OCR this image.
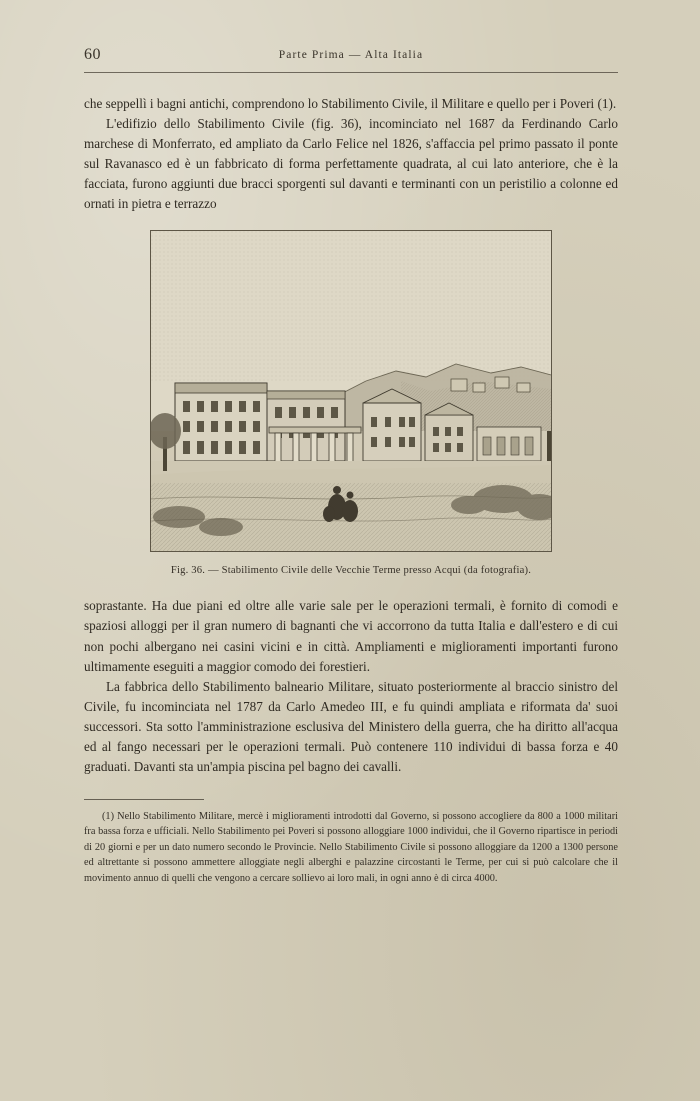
60	Parte Prima — Alta Italia

che seppellì i bagni antichi, comprendono lo Stabilimento Civile, il Militare e quello per i Poveri (1).

L'edifizio dello Stabilimento Civile (fig. 36), incominciato nel 1687 da Ferdinando Carlo marchese di Monferrato, ed ampliato da Carlo Felice nel 1826, s'affaccia pel primo passato il ponte sul Ravanasco ed è un fabbricato di forma perfettamente quadrata, al cui lato anteriore, che è la facciata, furono aggiunti due bracci sporgenti sul davanti e terminanti con un peristilio a colonne ed ornati in pietra e terrazzo

Fig. 36. — Stabilimento Civile delle Vecchie Terme presso Acqui (da fotografia).

soprastante. Ha due piani ed oltre alle varie sale per le operazioni termali, è fornito di comodi e spaziosi alloggi per il gran numero di bagnanti che vi accorrono da tutta Italia e dall'estero e di cui non pochi albergano nei casini vicini e in città. Ampliamenti e miglioramenti importanti furono ultimamente eseguiti a maggior comodo dei forestieri.

La fabbrica dello Stabilimento balneario Militare, situato posteriormente al braccio sinistro del Civile, fu incominciata nel 1787 da Carlo Amedeo III, e fu quindi ampliata e riformata da' suoi successori. Sta sotto l'amministrazione esclusiva del Ministero della guerra, che ha diritto all'acqua ed al fango necessari per le operazioni termali. Può contenere 110 individui di bassa forza e 40 graduati. Davanti sta un'ampia piscina pel bagno dei cavalli.

(1) Nello Stabilimento Militare, mercè i miglioramenti introdotti dal Governo, si possono accogliere da 800 a 1000 militari fra bassa forza e ufficiali. Nello Stabilimento pei Poveri si possono alloggiare 1000 individui, che il Governo ripartisce in periodi di 20 giorni e per un dato numero secondo le Provincie. Nello Stabilimento Civile si possono alloggiare da 1200 a 1300 persone ed altrettante si possono ammettere alloggiate negli alberghi e palazzine circostanti le Terme, per cui si può calcolare che il movimento annuo di quelli che vengono a cercare sollievo ai loro mali, in ogni anno è di circa 4000.
